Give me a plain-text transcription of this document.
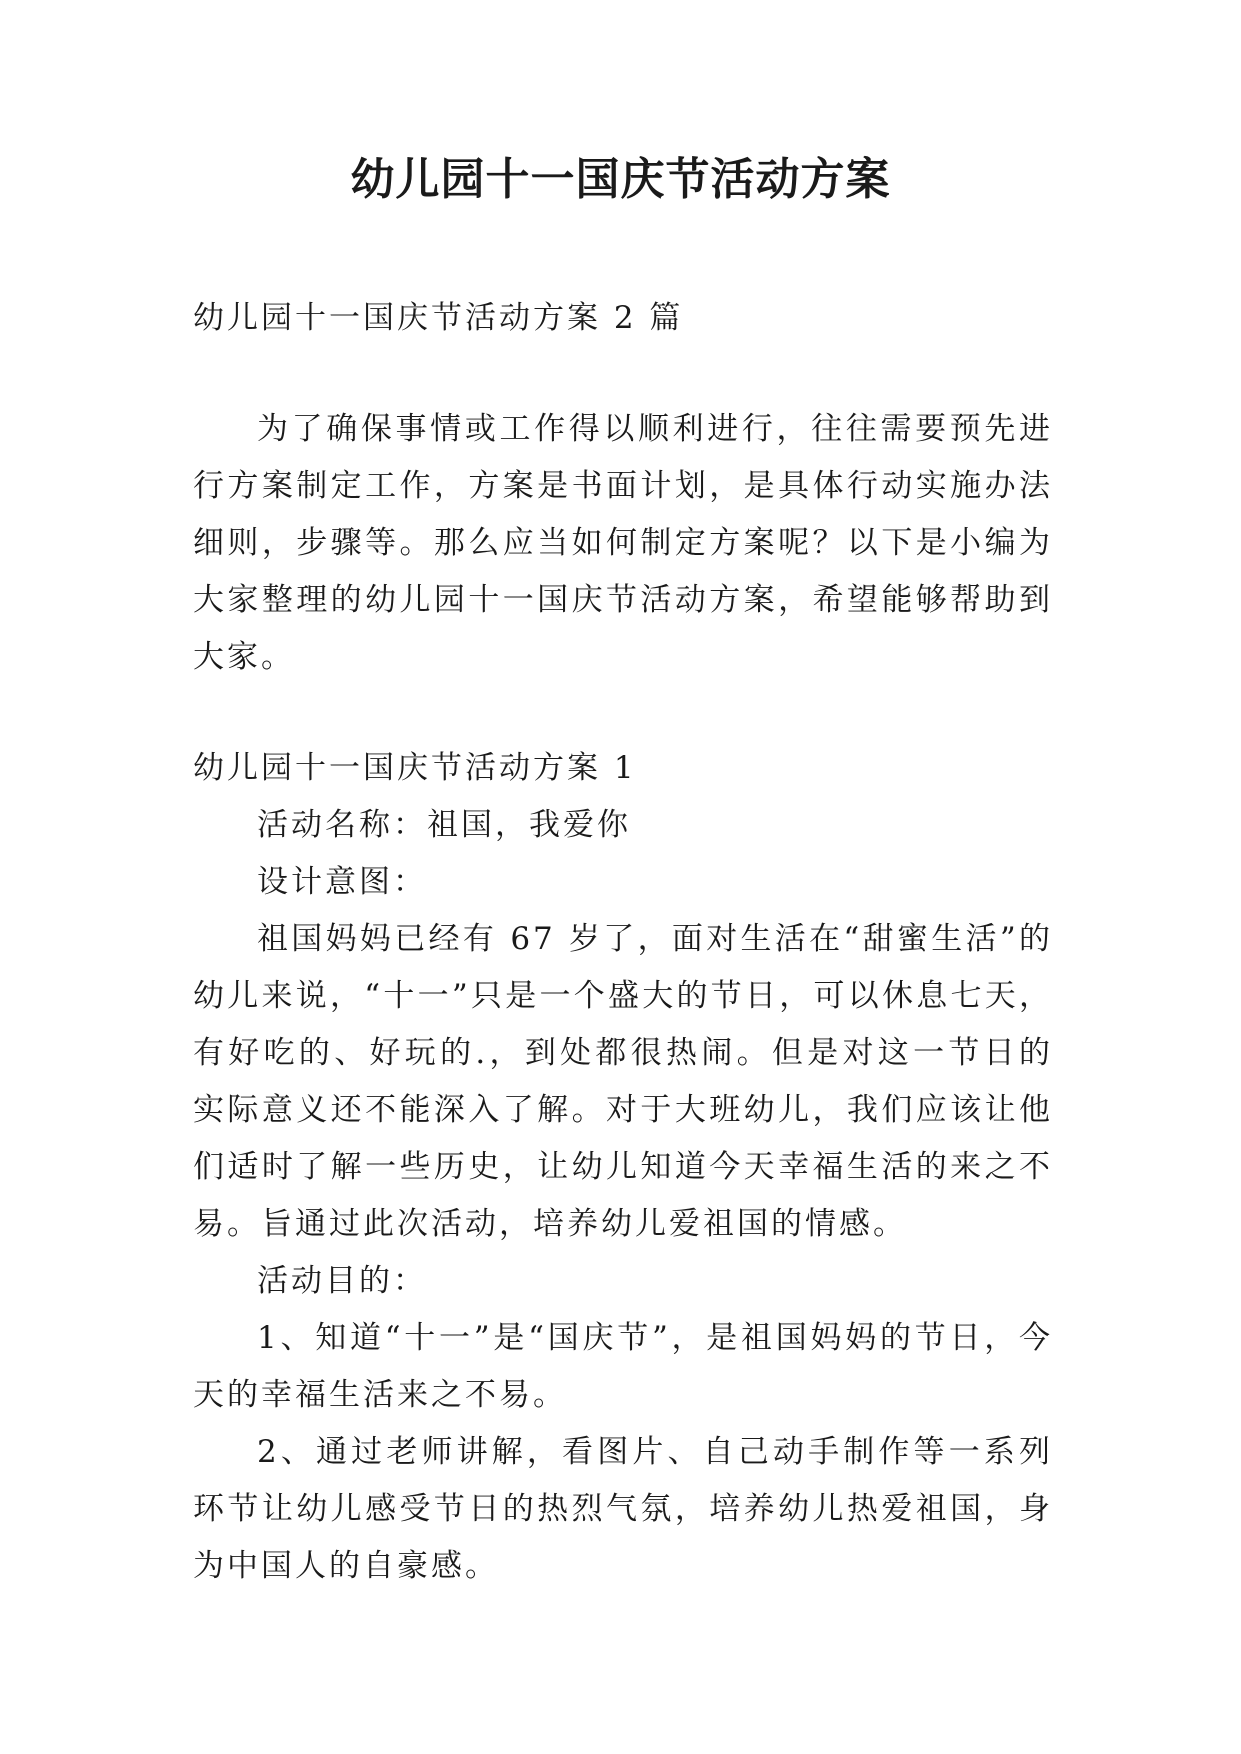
幼儿园十一国庆节活动方案

幼儿园十一国庆节活动方案 2 篇

为了确保事情或工作得以顺利进行，往往需要预先进行方案制定工作，方案是书面计划，是具体行动实施办法细则，步骤等。那么应当如何制定方案呢？以下是小编为大家整理的幼儿园十一国庆节活动方案，希望能够帮助到大家。

幼儿园十一国庆节活动方案 1

活动名称：祖国，我爱你

设计意图：

祖国妈妈已经有 67 岁了，面对生活在“甜蜜生活”的幼儿来说，“十一”只是一个盛大的节日，可以休息七天，有好吃的、好玩的.，到处都很热闹。但是对这一节日的实际意义还不能深入了解。对于大班幼儿，我们应该让他们适时了解一些历史，让幼儿知道今天幸福生活的来之不易。旨通过此次活动，培养幼儿爱祖国的情感。

活动目的：

1、知道“十一”是“国庆节”，是祖国妈妈的节日，今天的幸福生活来之不易。

2、通过老师讲解，看图片、自己动手制作等一系列环节让幼儿感受节日的热烈气氛，培养幼儿热爱祖国，身为中国人的自豪感。
